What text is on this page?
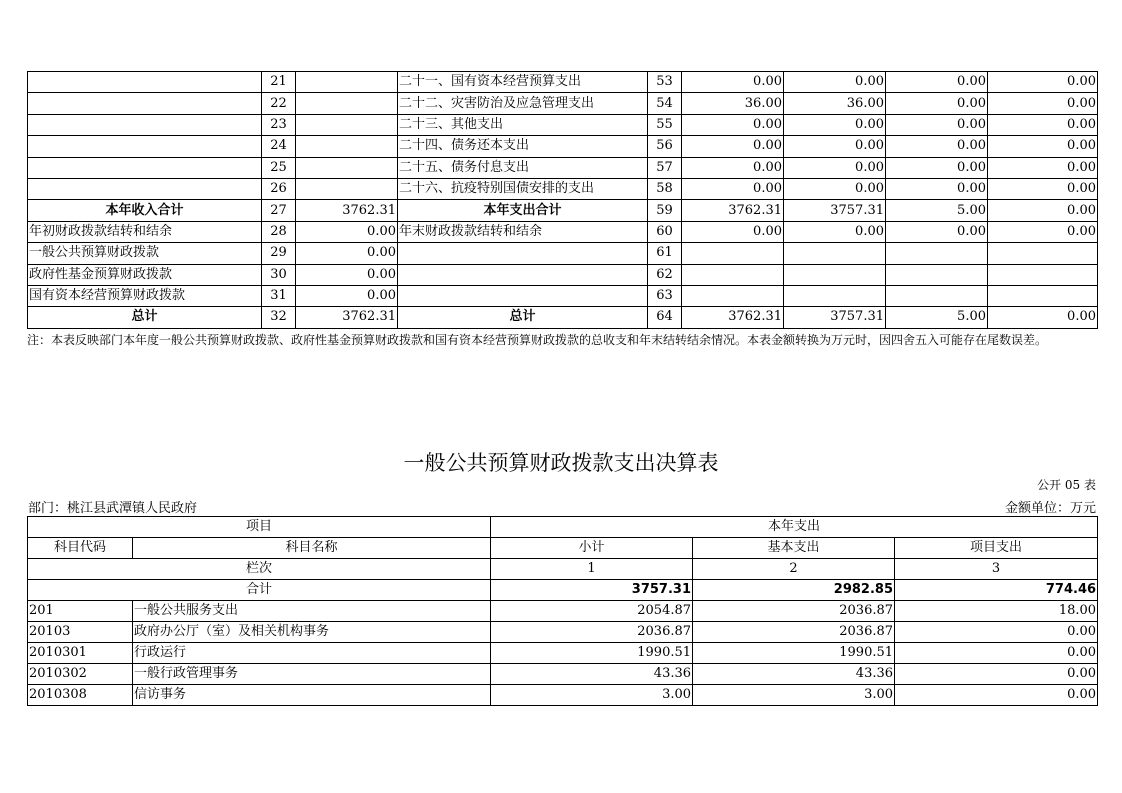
	21		二十一、国有资本经营预算支出	53	0.00	0.00	0.00	0.00
	22		二十二、灾害防治及应急管理支出	54	36.00	36.00	0.00	0.00
	23		二十三、其他支出	55	0.00	0.00	0.00	0.00
	24		二十四、债务还本支出	56	0.00	0.00	0.00	0.00
	25		二十五、债务付息支出	57	0.00	0.00	0.00	0.00
	26		二十六、抗疫特别国债安排的支出	58	0.00	0.00	0.00	0.00
本年收入合计	27	3762.31	本年支出合计	59	3762.31	3757.31	5.00	0.00
年初财政拨款结转和结余	28	0.00	年末财政拨款结转和结余	60	0.00	0.00	0.00	0.00
一般公共预算财政拨款	29	0.00		61				
政府性基金预算财政拨款	30	0.00		62				
国有资本经营预算财政拨款	31	0.00		63				
总计	32	3762.31	总计	64	3762.31	3757.31	5.00	0.00
注：本表反映部门本年度一般公共预算财政拨款、政府性基金预算财政拨款和国有资本经营预算财政拨款的总收支和年末结转结余情况。本表金额转换为万元时，因四舍五入可能存在尾数误差。
一般公共预算财政拨款支出决算表
公开 05 表
部门：桃江县武潭镇人民政府	金额单位：万元
项目		本年支出		
科目代码	科目名称	小计	基本支出	项目支出
栏次		1	2	3
合计		3757.31	2982.85	774.46
201	一般公共服务支出	2054.87	2036.87	18.00
20103	政府办公厅（室）及相关机构事务	2036.87	2036.87	0.00
2010301	行政运行	1990.51	1990.51	0.00
2010302	一般行政管理事务	43.36	43.36	0.00
2010308	信访事务	3.00	3.00	0.00
